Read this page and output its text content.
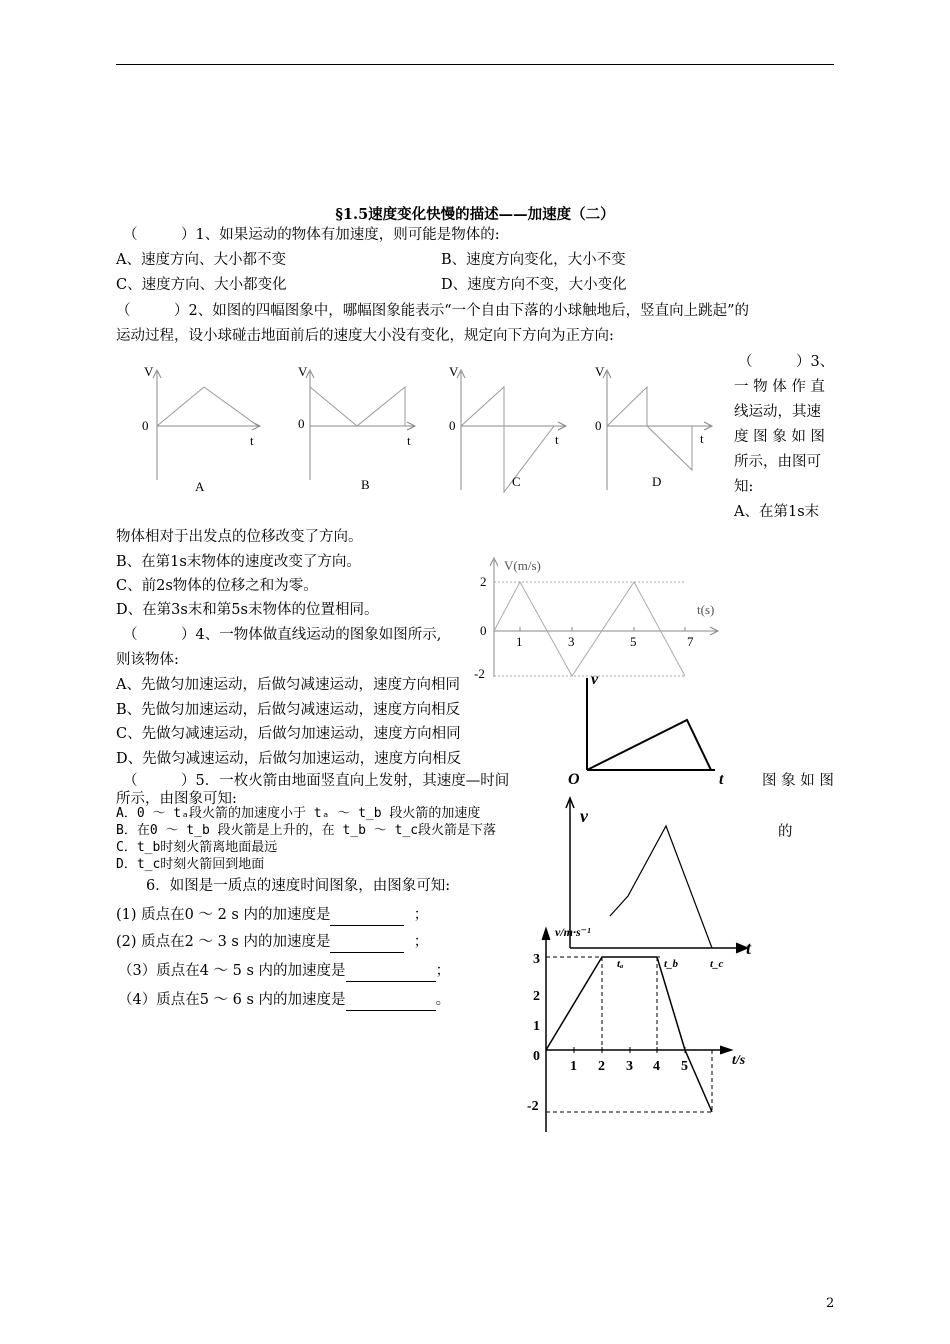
§1.5速度变化快慢的描述——加速度（二）
（　　　）1、如果运动的物体有加速度，则可能是物体的:
A、速度方向、大小都不变	B、速度方向变化，大小不变
C、速度方向、大小都变化	D、速度方向不变，大小变化
（　　　）2、如图的四幅图象中，哪幅图象能表示“一个自由下落的小球触地后，竖直向上跳起”的
运动过程，设小球碰击地面前后的速度大小没有变化，规定向下方向为正方向:
V
0
t
A
V
0
t
B
V
0
t
C
V
0
t
D
（　　　）3、
一 物 体 作 直
线运动，其速
度 图 象 如 图
所示，由图可
知:
A、在第1s末
物体相对于出发点的位移改变了方向。
B、在第1s末物体的速度改变了方向。
C、前2s物体的位移之和为零。
D、在第3s末和第5s末物体的位置相同。
V(m/s)
t(s)
2
0
-2
1	3	5	7
（　　　）4、一物体做直线运动的图象如图所示,
则该物体:
A、先做匀加速运动，后做匀减速运动，速度方向相同
B、先做匀加速运动，后做匀减速运动，速度方向相反
C、先做匀减速运动，后做匀加速运动，速度方向相同
D、先做匀减速运动，后做匀加速运动，速度方向相反
v
O	t
（　　　）5．一枚火箭由地面竖直向上发射，其速度—时间	图 象 如 图
所示，由图象可知:
的
A．0 ～ tₐ段火箭的加速度小于 tₐ ～ t_b 段火箭的加速度
B．在0 ～ t_b 段火箭是上升的，在 t_b ～ t_c段火箭是下落
C．t_b时刻火箭离地面最远
D．t_c时刻火箭回到地面
v
t
tₐ	t_b	t_c
6．如图是一质点的速度时间图象，由图象可知:
(1) 质点在0 ～ 2 s 内的加速度是	；
(2) 质点在2 ～ 3 s 内的加速度是	；
（3）质点在4 ～ 5 s 内的加速度是	；
（4）质点在5 ～ 6 s 内的加速度是	。
v/m·s⁻¹
t/s
3
2
1
0
-2
1 2 3 4 5
2
